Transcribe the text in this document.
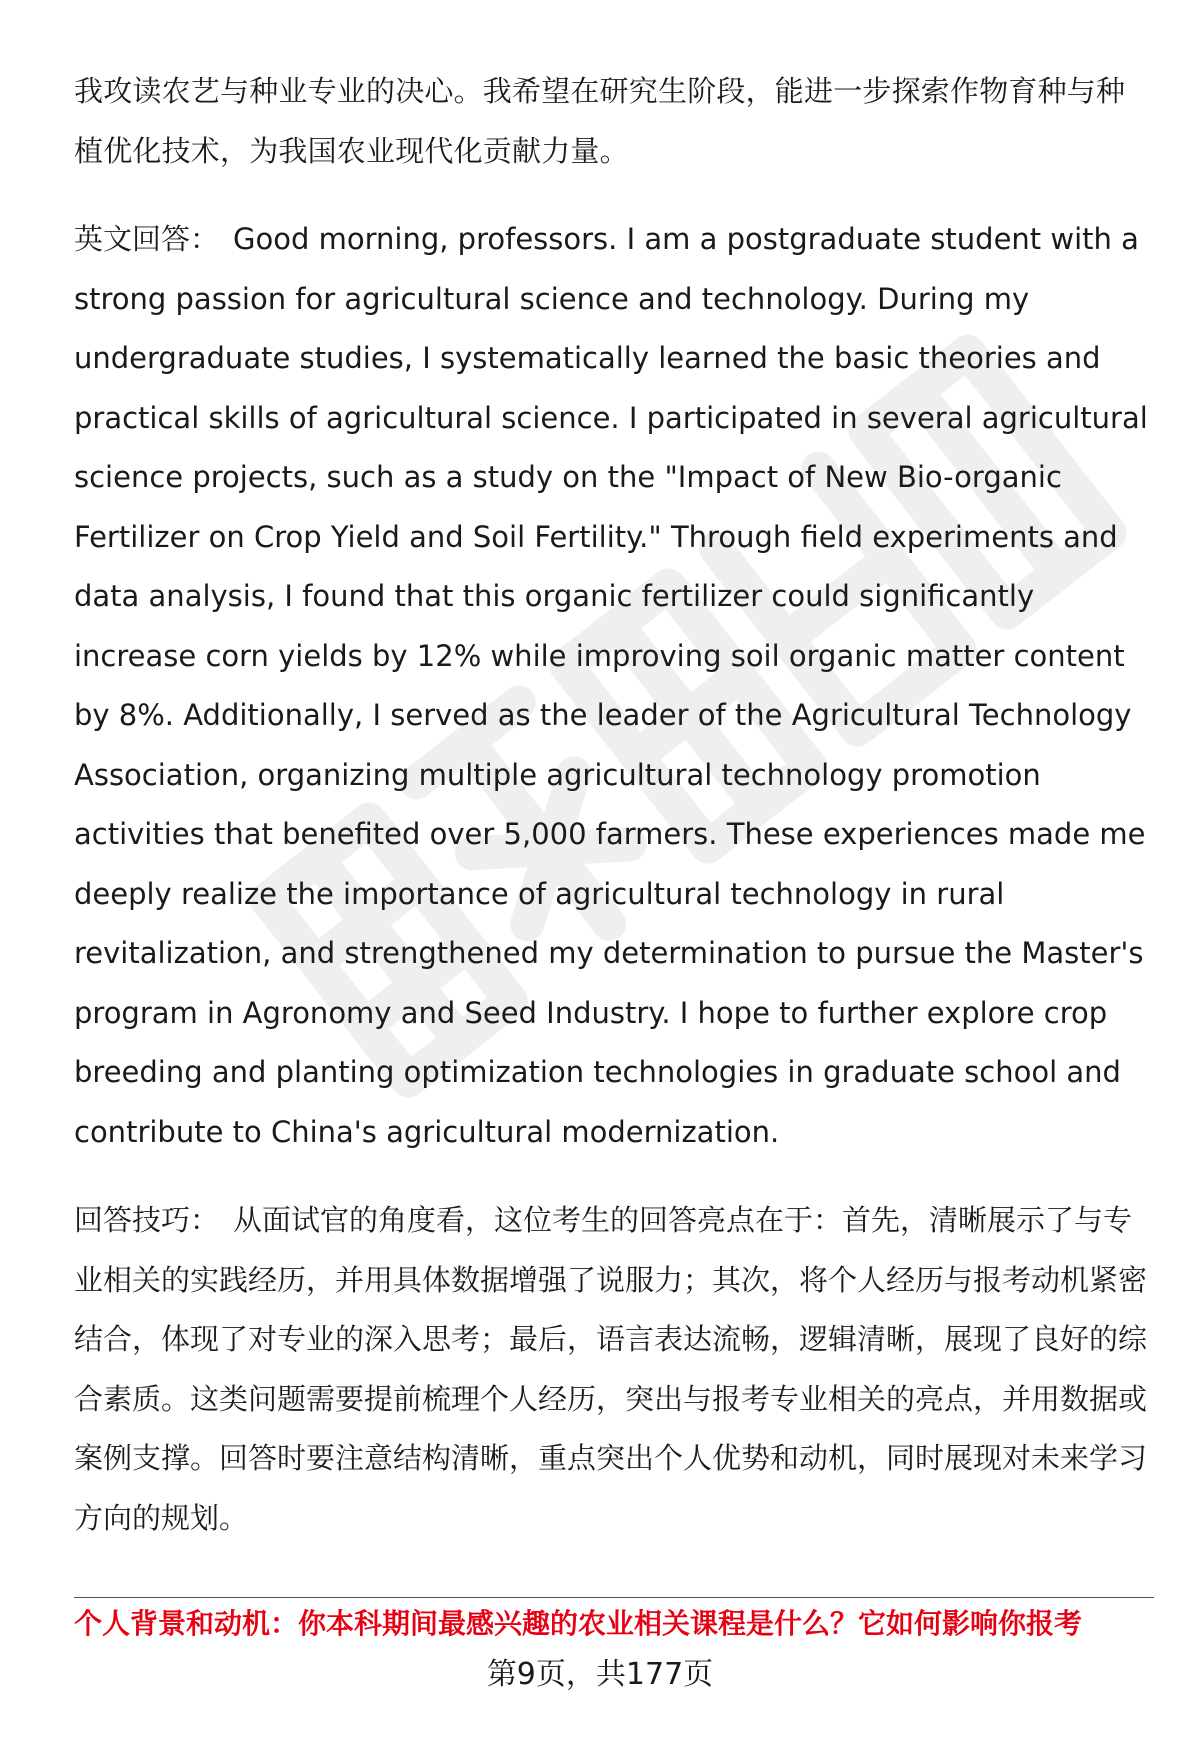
我攻读农艺与种业专业的决心。我希望在研究生阶段，能进一步探索作物育种与种植优化技术，为我国农业现代化贡献力量。

英文回答： Good morning, professors. I am a postgraduate student with a strong passion for agricultural science and technology. During my undergraduate studies, I systematically learned the basic theories and practical skills of agricultural science. I participated in several agricultural science projects, such as a study on the "Impact of New Bio-organic Fertilizer on Crop Yield and Soil Fertility." Through field experiments and data analysis, I found that this organic fertilizer could significantly increase corn yields by 12% while improving soil organic matter content by 8%. Additionally, I served as the leader of the Agricultural Technology Association, organizing multiple agricultural technology promotion activities that benefited over 5,000 farmers. These experiences made me deeply realize the importance of agricultural technology in rural revitalization, and strengthened my determination to pursue the Master's program in Agronomy and Seed Industry. I hope to further explore crop breeding and planting optimization technologies in graduate school and contribute to China's agricultural modernization.

回答技巧： 从面试官的角度看，这位考生的回答亮点在于：首先，清晰展示了与专业相关的实践经历，并用具体数据增强了说服力；其次，将个人经历与报考动机紧密结合，体现了对专业的深入思考；最后，语言表达流畅，逻辑清晰，展现了良好的综合素质。这类问题需要提前梳理个人经历，突出与报考专业相关的亮点，并用数据或案例支撑。回答时要注意结构清晰，重点突出个人优势和动机，同时展现对未来学习方向的规划。

个人背景和动机：你本科期间最感兴趣的农业相关课程是什么？它如何影响你报考
第9页，共177页
